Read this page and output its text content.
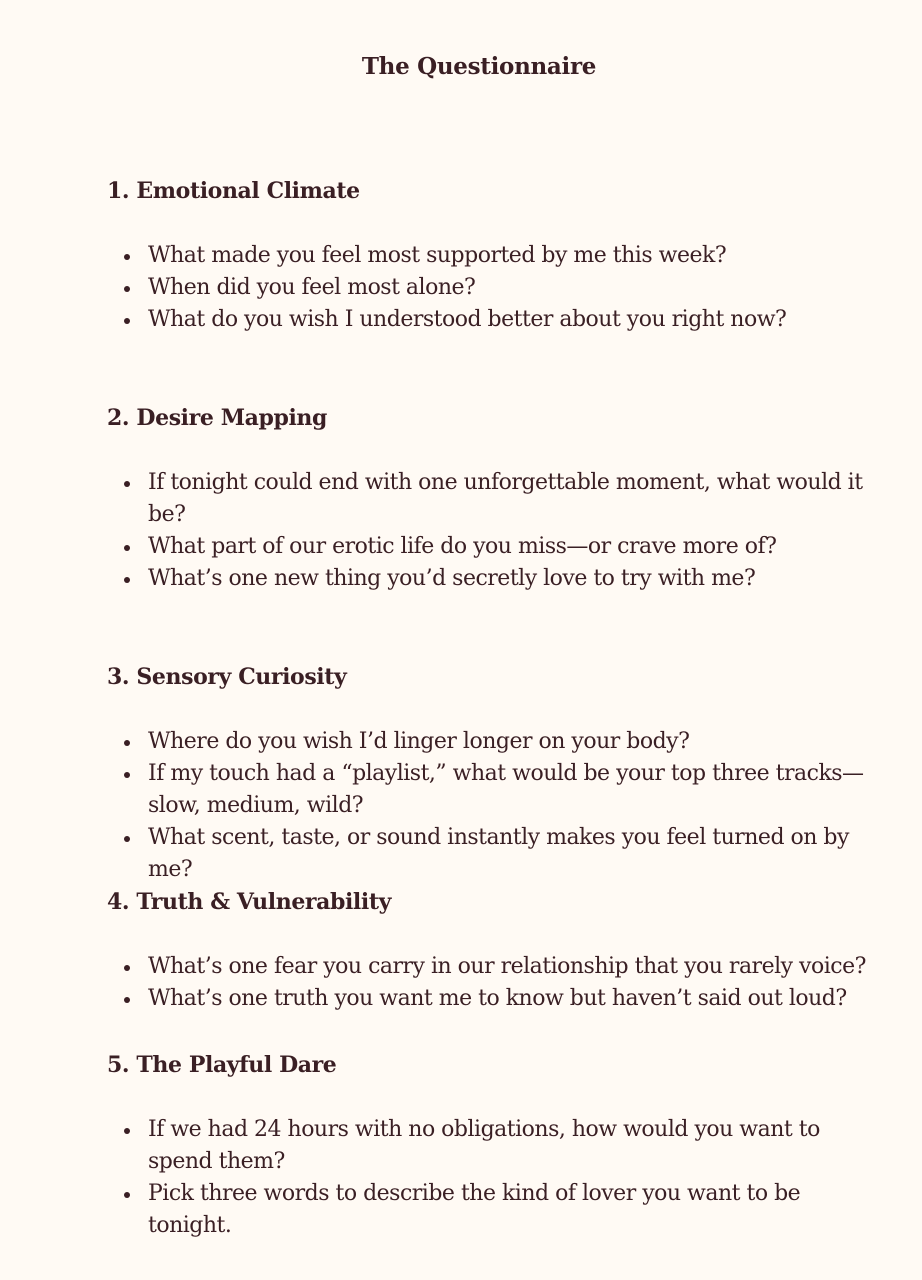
The Questionnaire
1. Emotional Climate
What made you feel most supported by me this week?
When did you feel most alone?
What do you wish I understood better about you right now?
2. Desire Mapping
If tonight could end with one unforgettable moment, what would it be?
What part of our erotic life do you miss—or crave more of?
What’s one new thing you’d secretly love to try with me?
3. Sensory Curiosity
Where do you wish I’d linger longer on your body?
If my touch had a “playlist,” what would be your top three tracks—slow, medium, wild?
What scent, taste, or sound instantly makes you feel turned on by me?
4. Truth & Vulnerability
What’s one fear you carry in our relationship that you rarely voice?
What’s one truth you want me to know but haven’t said out loud?
5. The Playful Dare
If we had 24 hours with no obligations, how would you want to spend them?
Pick three words to describe the kind of lover you want to be tonight.
